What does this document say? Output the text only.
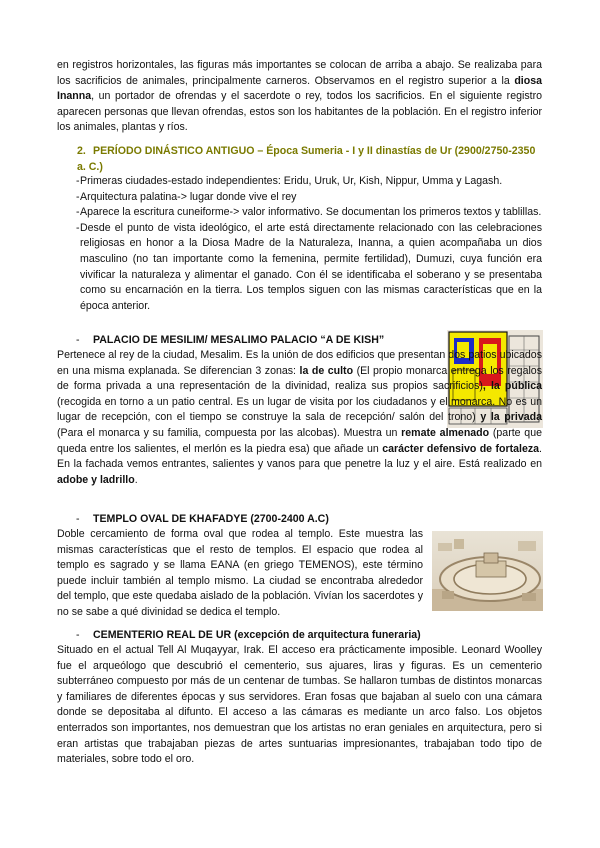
en registros horizontales, las figuras más importantes se colocan de arriba a abajo. Se realizaba para los sacrificios de animales, principalmente carneros. Observamos en el registro superior a la diosa Inanna, un portador de ofrendas y el sacerdote o rey, todos los sacrificios. En el siguiente registro aparecen personas que llevan ofrendas, estos son los habitantes de la población. En el registro inferior los animales, plantas y ríos.

2. PERÍODO DINÁSTICO ANTIGUO – Época Sumeria - I y II dinastías de Ur (2900/2750-2350 a. C.)
- Primeras ciudades-estado independientes: Eridu, Uruk, Ur, Kish, Nippur, Umma y Lagash.
- Arquitectura palatina-> lugar donde vive el rey
- Aparece la escritura cuneiforme-> valor informativo. Se documentan los primeros textos y tablillas.
- Desde el punto de vista ideológico, el arte está directamente relacionado con las celebraciones religiosas en honor a la Diosa Madre de la Naturaleza, Inanna, a quien acompañaba un dios masculino (no tan importante como la femenina, permite fertilidad), Dumuzi, cuya función era vivificar la naturaleza y alimentar el ganado. Con él se identificaba el soberano y se presentaba como su encarnación en la tierra. Los templos siguen con las mismas características que en la época anterior.
- PALACIO DE MESILIM/ MESALIMO PALACIO “A DE KISH”

Pertenece al rey de la ciudad, Mesalim. Es la unión de dos edificios que presentan dos patios ubicados en una misma explanada. Se diferencian 3 zonas: la de culto (El propio monarca entrega los regalos de forma privada a una representación de la divinidad, realiza sus propios sacrificios), la pública (recogida en torno a un patio central. Es un lugar de visita por los ciudadanos y el monarca. No es un lugar de recepción, con el tiempo se construye la sala de recepción/ salón del trono) y la privada (Para el monarca y su familia, compuesta por las alcobas). Muestra un remate almenado (parte que queda entre los salientes, el merlón es la piedra esa) que añade un carácter defensivo de fortaleza. En la fachada vemos entrantes, salientes y vanos para que penetre la luz y el aire. Está realizado en adobe y ladrillo.

- TEMPLO OVAL DE KHAFADYE (2700-2400 A.C)

Doble cercamiento de forma oval que rodea al templo. Este muestra las mismas características que el resto de templos. El espacio que rodea al templo es sagrado y se llama EANA (en griego TEMENOS), este término puede incluir también al templo mismo. La ciudad se encontraba alrededor del templo, que este quedaba aislado de la población. Vivían los sacerdotes y no se sabe a qué divinidad se dedica el templo.

- CEMENTERIO REAL DE UR (excepción de arquitectura funeraria)

Situado en el actual Tell Al Muqayyar, Irak. El acceso era prácticamente imposible. Leonard Woolley fue el arqueólogo que descubrió el cementerio, sus ajuares, liras y figuras. Es un cementerio subterráneo compuesto por más de un centenar de tumbas. Se hallaron tumbas de distintos monarcas y familiares de diferentes épocas y sus servidores. Eran fosas que bajaban al suelo con una cámara donde se depositaba al difunto. El acceso a las cámaras es mediante un arco falso. Los objetos enterrados son importantes, nos demuestran que los artistas no eran geniales en arquitectura, pero si eran artistas que trabajaban piezas de artes suntuarias impresionantes, trabajaban todo tipo de materiales, sobre todo el oro.
